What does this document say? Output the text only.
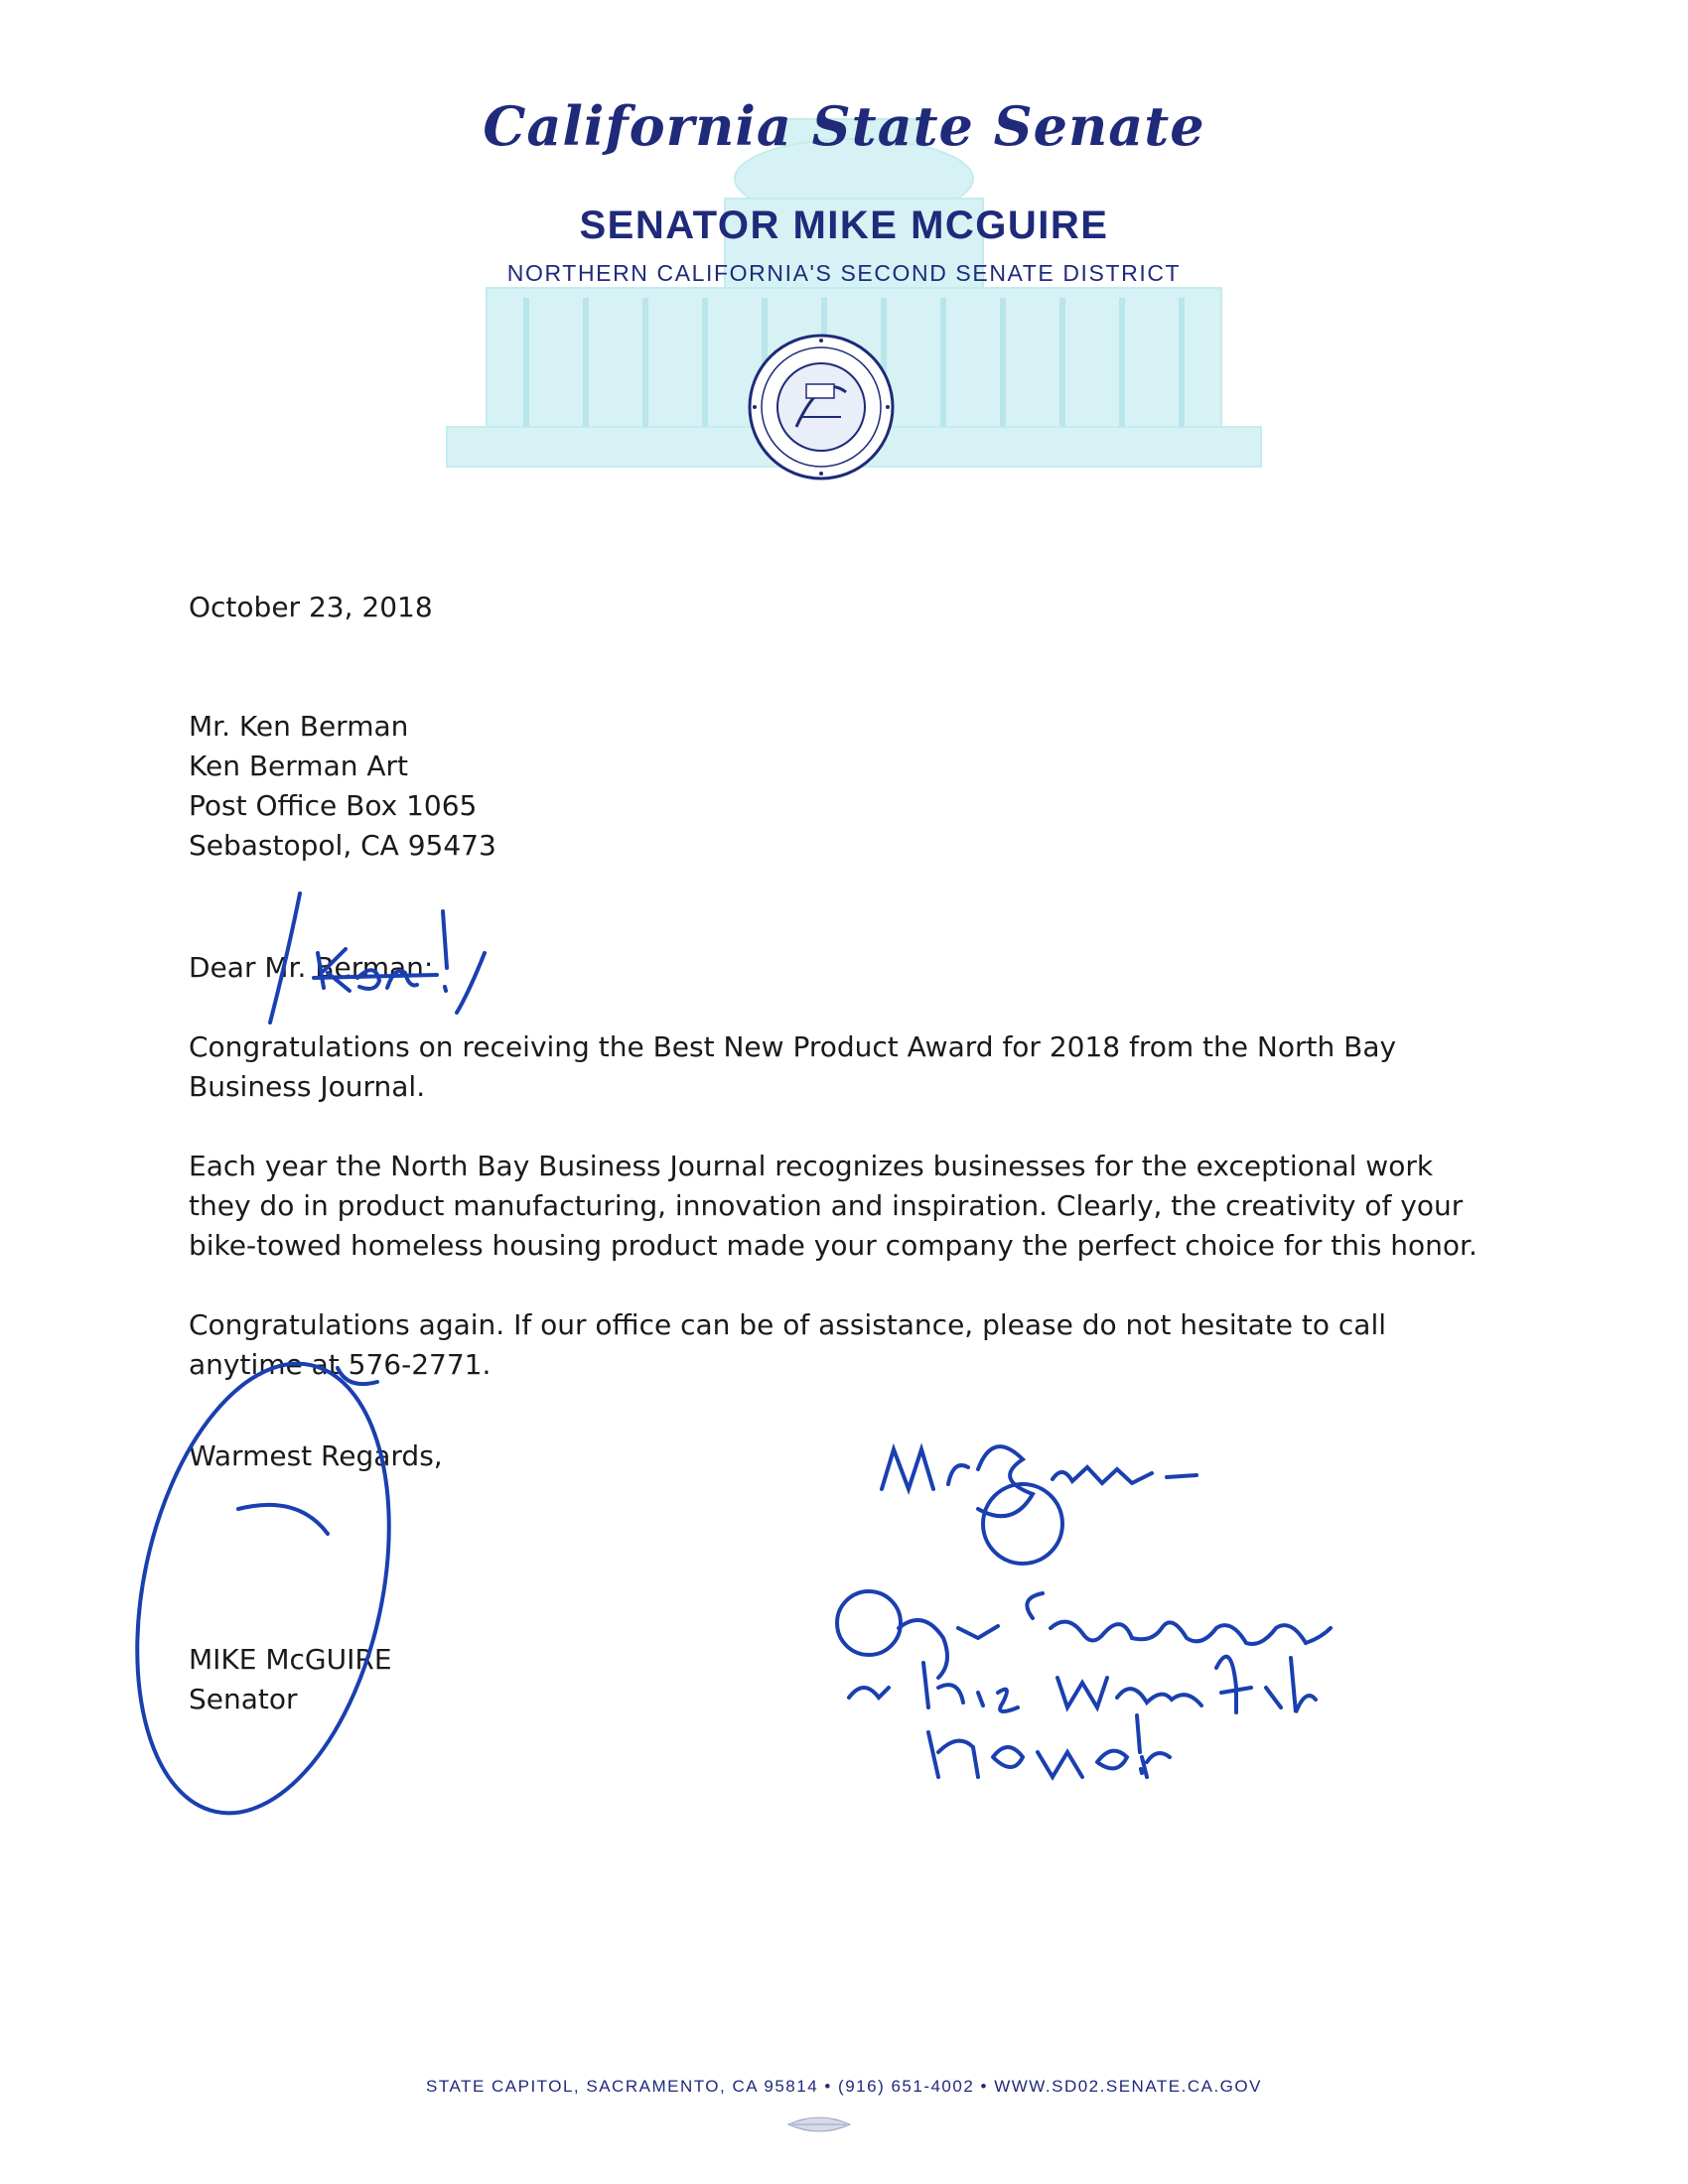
California State Senate
SENATOR MIKE MCGUIRE
NORTHERN CALIFORNIA'S SECOND SENATE DISTRICT
October 23, 2018
Mr. Ken Berman
Ken Berman Art
Post Office Box 1065
Sebastopol, CA 95473
Dear Mr. Berman:
Congratulations on receiving the Best New Product Award for 2018 from the North Bay Business Journal.
Each year the North Bay Business Journal recognizes businesses for the exceptional work they do in product manufacturing, innovation and inspiration. Clearly, the creativity of your bike-towed homeless housing product made your company the perfect choice for this honor.
Congratulations again. If our office can be of assistance, please do not hesitate to call anytime at 576-2771.
Warmest Regards,
MIKE McGUIRE
Senator
STATE CAPITOL, SACRAMENTO, CA 95814 • (916) 651-4002 • WWW.SD02.SENATE.CA.GOV
